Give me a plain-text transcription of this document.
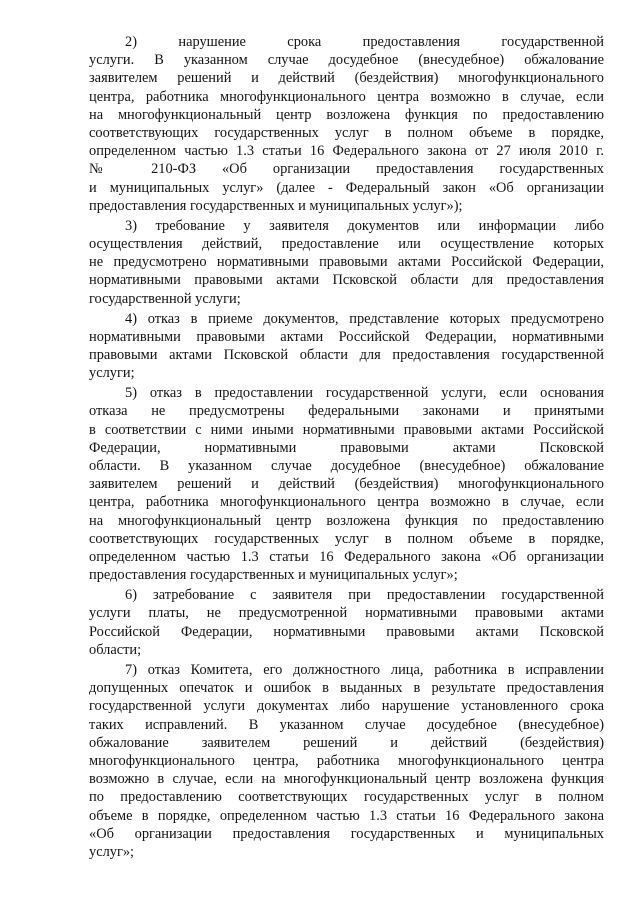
2) нарушение срока предоставления государственной
услуги. В указанном случае досудебное (внесудебное) обжалование
заявителем решений и действий (бездействия) многофункционального
центра, работника многофункционального центра возможно в случае, если
на многофункциональный центр возложена функция по предоставлению
соответствующих государственных услуг в полном объеме в порядке,
определенном частью 1.3 статьи 16 Федерального закона от 27 июля 2010 г.
№ 210-ФЗ «Об организации предоставления государственных
и муниципальных услуг» (далее - Федеральный закон «Об организации
предоставления государственных и муниципальных услуг»);
3) требование у заявителя документов или информации либо
осуществления действий, предоставление или осуществление которых
не предусмотрено нормативными правовыми актами Российской Федерации,
нормативными правовыми актами Псковской области для предоставления
государственной услуги;
4) отказ в приеме документов, представление которых предусмотрено
нормативными правовыми актами Российской Федерации, нормативными
правовыми актами Псковской области для предоставления государственной
услуги;
5) отказ в предоставлении государственной услуги, если основания
отказа не предусмотрены федеральными законами и принятыми
в соответствии с ними иными нормативными правовыми актами Российской
Федерации, нормативными правовыми актами Псковской
области. В указанном случае досудебное (внесудебное) обжалование
заявителем решений и действий (бездействия) многофункционального
центра, работника многофункционального центра возможно в случае, если
на многофункциональный центр возложена функция по предоставлению
соответствующих государственных услуг в полном объеме в порядке,
определенном частью 1.3 статьи 16 Федерального закона «Об организации
предоставления государственных и муниципальных услуг»;
6) затребование с заявителя при предоставлении государственной
услуги платы, не предусмотренной нормативными правовыми актами
Российской Федерации, нормативными правовыми актами Псковской
области;
7) отказ Комитета, его должностного лица, работника в исправлении
допущенных опечаток и ошибок в выданных в результате предоставления
государственной услуги документах либо нарушение установленного срока
таких исправлений. В указанном случае досудебное (внесудебное)
обжалование заявителем решений и действий (бездействия)
многофункционального центра, работника многофункционального центра
возможно в случае, если на многофункциональный центр возложена функция
по предоставлению соответствующих государственных услуг в полном
объеме в порядке, определенном частью 1.3 статьи 16 Федерального закона
«Об организации предоставления государственных и муниципальных
услуг»;
